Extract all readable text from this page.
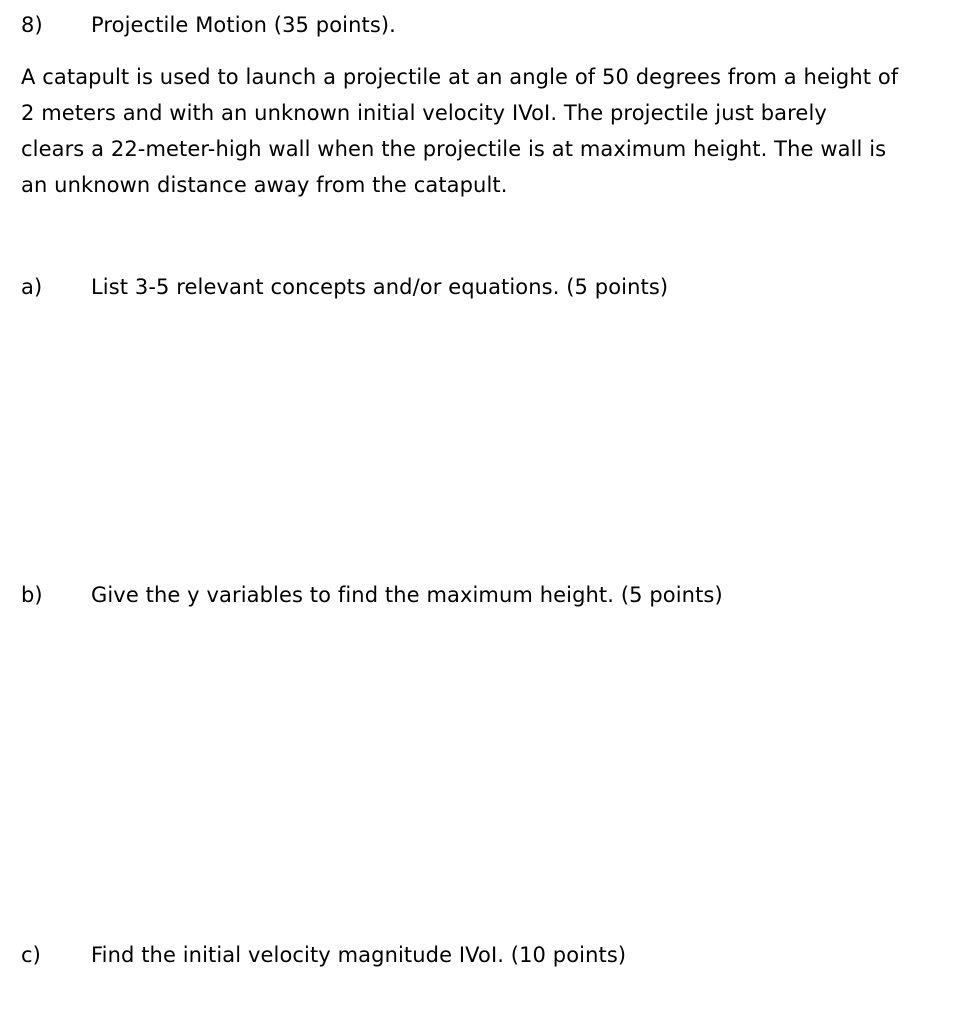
8) Projectile Motion (35 points).
A catapult is used to launch a projectile at an angle of 50 degrees from a height of
2 meters and with an unknown initial velocity IVoI. The projectile just barely
clears a 22-meter-high wall when the projectile is at maximum height. The wall is
an unknown distance away from the catapult.
a) List 3-5 relevant concepts and/or equations. (5 points)
b) Give the y variables to find the maximum height. (5 points)
c) Find the initial velocity magnitude IVoI. (10 points)
